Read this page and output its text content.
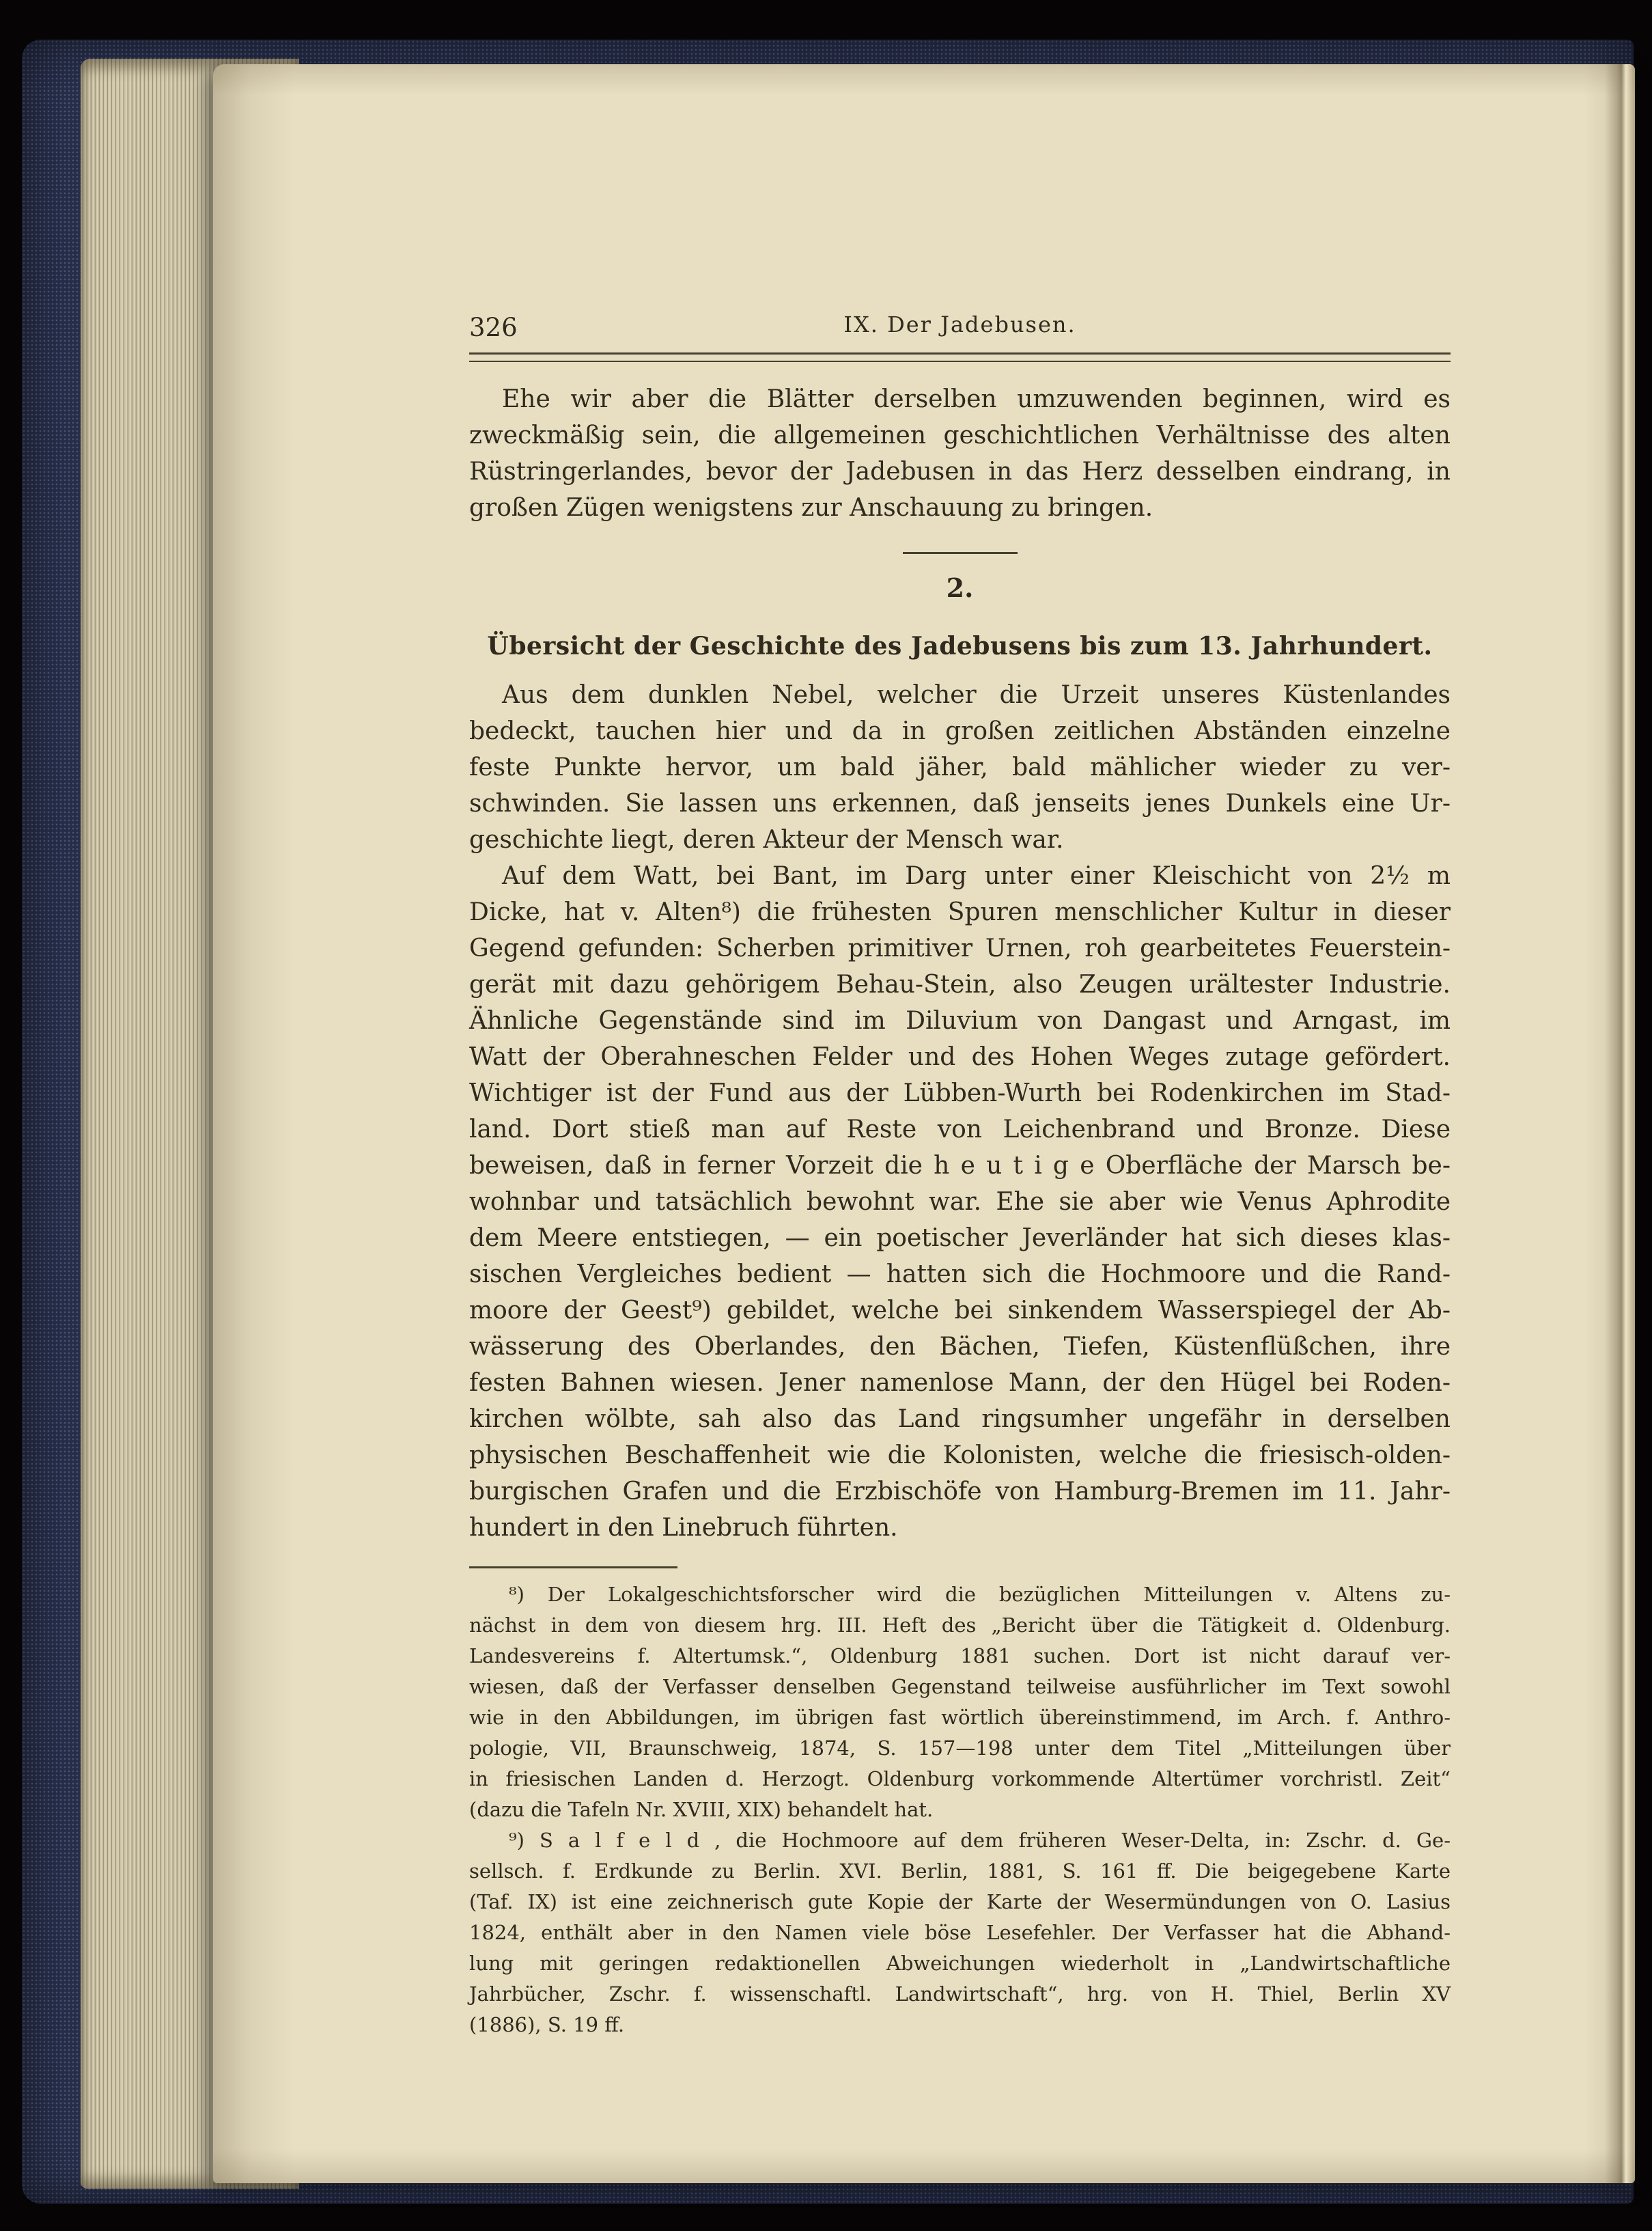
326	IX. Der Jadebusen.
Ehe wir aber die Blätter derselben umzuwenden beginnen, wird es
zweckmäßig sein, die allgemeinen geschichtlichen Verhältnisse des alten
Rüstringerlandes, bevor der Jadebusen in das Herz desselben eindrang, in
großen Zügen wenigstens zur Anschauung zu bringen.
2.
Übersicht der Geschichte des Jadebusens bis zum 13. Jahrhundert.
Aus dem dunklen Nebel, welcher die Urzeit unseres Küstenlandes
bedeckt, tauchen hier und da in großen zeitlichen Abständen einzelne
feste Punkte hervor, um bald jäher, bald mählicher wieder zu ver-
schwinden. Sie lassen uns erkennen, daß jenseits jenes Dunkels eine Ur-
geschichte liegt, deren Akteur der Mensch war.
Auf dem Watt, bei Bant, im Darg unter einer Kleischicht von 2½ m
Dicke, hat v. Alten⁸) die frühesten Spuren menschlicher Kultur in dieser
Gegend gefunden: Scherben primitiver Urnen, roh gearbeitetes Feuerstein-
gerät mit dazu gehörigem Behau-Stein, also Zeugen urältester Industrie.
Ähnliche Gegenstände sind im Diluvium von Dangast und Arngast, im
Watt der Oberahneschen Felder und des Hohen Weges zutage gefördert.
Wichtiger ist der Fund aus der Lübben-Wurth bei Rodenkirchen im Stad-
land. Dort stieß man auf Reste von Leichenbrand und Bronze. Diese
beweisen, daß in ferner Vorzeit die h e u t i g e Oberfläche der Marsch be-
wohnbar und tatsächlich bewohnt war. Ehe sie aber wie Venus Aphrodite
dem Meere entstiegen, — ein poetischer Jeverländer hat sich dieses klas-
sischen Vergleiches bedient — hatten sich die Hochmoore und die Rand-
moore der Geest⁹) gebildet, welche bei sinkendem Wasserspiegel der Ab-
wässerung des Oberlandes, den Bächen, Tiefen, Küstenflüßchen, ihre
festen Bahnen wiesen. Jener namenlose Mann, der den Hügel bei Roden-
kirchen wölbte, sah also das Land ringsumher ungefähr in derselben
physischen Beschaffenheit wie die Kolonisten, welche die friesisch-olden-
burgischen Grafen und die Erzbischöfe von Hamburg-Bremen im 11. Jahr-
hundert in den Linebruch führten.
⁸) Der Lokalgeschichtsforscher wird die bezüglichen Mitteilungen v. Altens zu-
nächst in dem von diesem hrg. III. Heft des „Bericht über die Tätigkeit d. Oldenburg.
Landesvereins f. Altertumsk.“, Oldenburg 1881 suchen. Dort ist nicht darauf ver-
wiesen, daß der Verfasser denselben Gegenstand teilweise ausführlicher im Text sowohl
wie in den Abbildungen, im übrigen fast wörtlich übereinstimmend, im Arch. f. Anthro-
pologie, VII, Braunschweig, 1874, S. 157—198 unter dem Titel „Mitteilungen über
in friesischen Landen d. Herzogt. Oldenburg vorkommende Altertümer vorchristl. Zeit“
(dazu die Tafeln Nr. XVIII, XIX) behandelt hat.
⁹) S a l f e l d , die Hochmoore auf dem früheren Weser-Delta, in: Zschr. d. Ge-
sellsch. f. Erdkunde zu Berlin. XVI. Berlin, 1881, S. 161 ff. Die beigegebene Karte
(Taf. IX) ist eine zeichnerisch gute Kopie der Karte der Wesermündungen von O. Lasius
1824, enthält aber in den Namen viele böse Lesefehler. Der Verfasser hat die Abhand-
lung mit geringen redaktionellen Abweichungen wiederholt in „Landwirtschaftliche
Jahrbücher, Zschr. f. wissenschaftl. Landwirtschaft“, hrg. von H. Thiel, Berlin XV
(1886), S. 19 ff.
